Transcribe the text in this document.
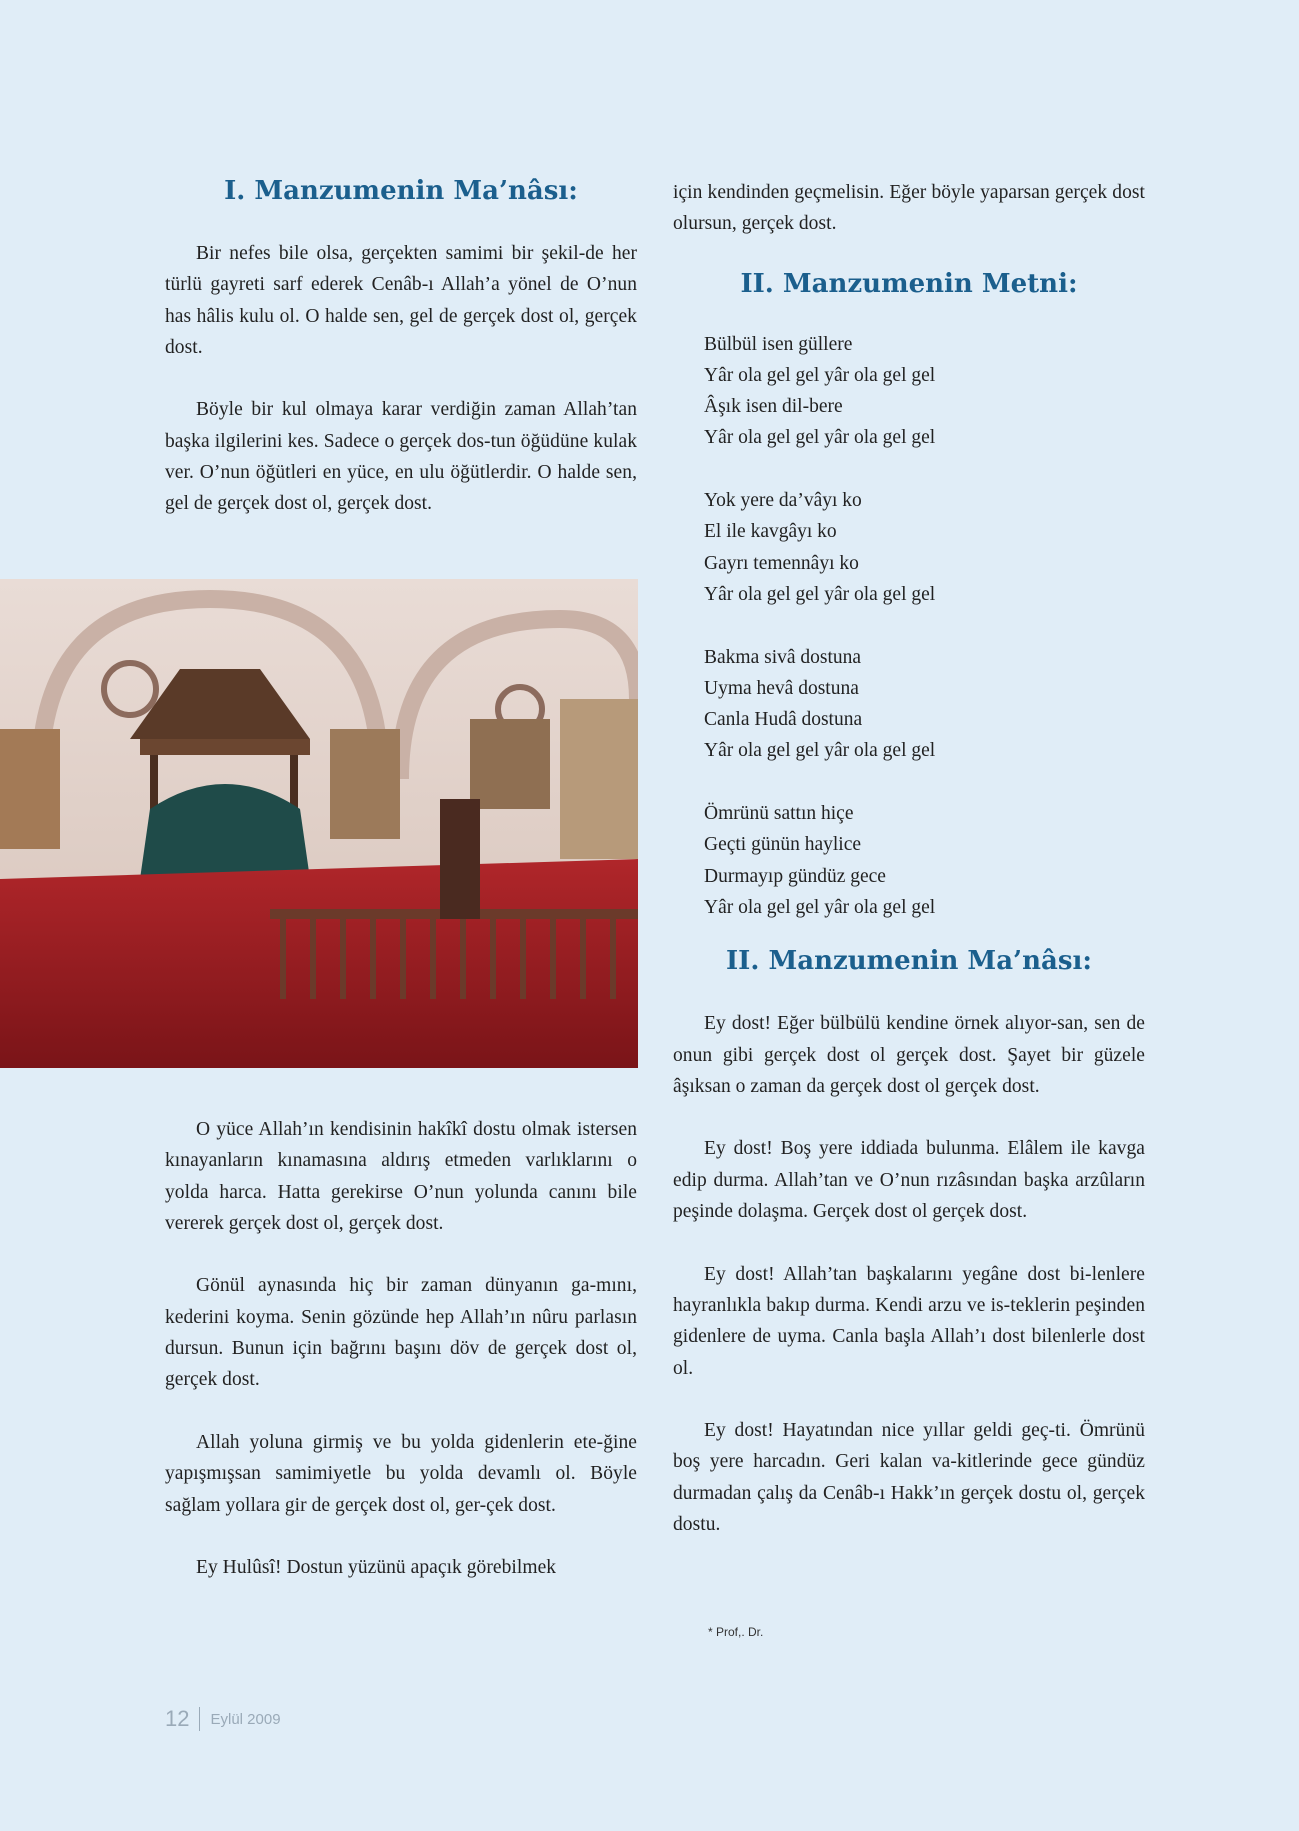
I. Manzumenin Ma’nâsı:

Bir nefes bile olsa, gerçekten samimi bir şekil-de her türlü gayreti sarf ederek Cenâb-ı Allah’a yönel de O’nun has hâlis kulu ol. O halde sen, gel de gerçek dost ol, gerçek dost.

Böyle bir kul olmaya karar verdiğin zaman Allah’tan başka ilgilerini kes. Sadece o gerçek dos-tun öğüdüne kulak ver. O’nun öğütleri en yüce, en ulu öğütlerdir. O halde sen, gel de gerçek dost ol, gerçek dost.

O yüce Allah’ın kendisinin hakîkî dostu olmak istersen kınayanların kınamasına aldırış etmeden varlıklarını o yolda harca. Hatta gerekirse O’nun yolunda canını bile vererek gerçek dost ol, gerçek dost.

Gönül aynasında hiç bir zaman dünyanın ga-mını, kederini koyma. Senin gözünde hep Allah’ın nûru parlasın dursun. Bunun için bağrını başını döv de gerçek dost ol, gerçek dost.

Allah yoluna girmiş ve bu yolda gidenlerin ete-ğine yapışmışsan samimiyetle bu yolda devamlı ol. Böyle sağlam yollara gir de gerçek dost ol, ger-çek dost.

Ey Hulûsî! Dostun yüzünü apaçık görebilmek

için kendinden geçmelisin. Eğer böyle yaparsan gerçek dost olursun, gerçek dost.

II. Manzumenin Metni:
Bülbül isen güllere
Yâr ola gel gel yâr ola gel gel
Âşık isen dil-bere
Yâr ola gel gel yâr ola gel gel
Yok yere da’vâyı ko
El ile kavgâyı ko
Gayrı temennâyı ko
Yâr ola gel gel yâr ola gel gel
Bakma sivâ dostuna
Uyma hevâ dostuna
Canla Hudâ dostuna
Yâr ola gel gel yâr ola gel gel
Ömrünü sattın hiçe
Geçti günün haylice
Durmayıp gündüz gece
Yâr ola gel gel yâr ola gel gel
II. Manzumenin Ma’nâsı:

Ey dost! Eğer bülbülü kendine örnek alıyor-san, sen de onun gibi gerçek dost ol gerçek dost. Şayet bir güzele âşıksan o zaman da gerçek dost ol gerçek dost.

Ey dost! Boş yere iddiada bulunma. Elâlem ile kavga edip durma. Allah’tan ve O’nun rızâsından başka arzûların peşinde dolaşma. Gerçek dost ol gerçek dost.

Ey dost! Allah’tan başkalarını yegâne dost bi-lenlere hayranlıkla bakıp durma. Kendi arzu ve is-teklerin peşinden gidenlere de uyma. Canla başla Allah’ı dost bilenlerle dost ol.

Ey dost! Hayatından nice yıllar geldi geç-ti. Ömrünü boş yere harcadın. Geri kalan va-kitlerinde gece gündüz durmadan çalış da Cenâb-ı Hakk’ın gerçek dostu ol, gerçek dostu.

* Prof,. Dr.
12 Eylül 2009
